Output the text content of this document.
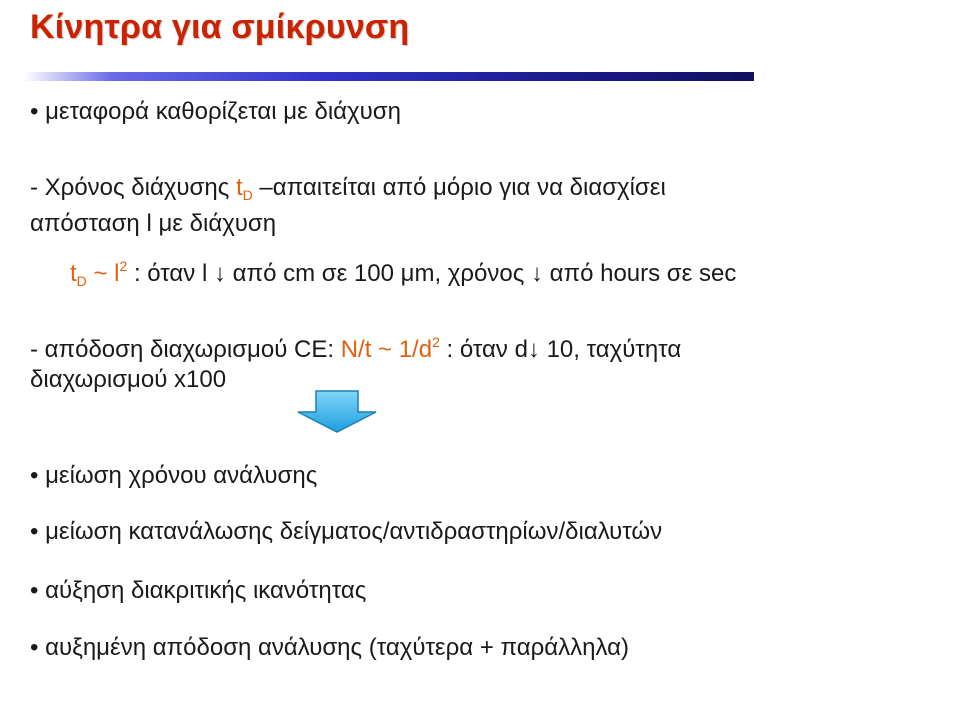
Κίνητρα για σμίκρυνση
• μεταφορά καθορίζεται με διάχυση
- Χρόνος διάχυσης $t_D$ –απαιτείται από μόριο για να διασχίσει
απόσταση l με διάχυση
$t_D$ ~ $l^2$ : όταν l ↓ από cm σε 100 μm, χρόνος ↓ από hours σε sec
- απόδοση διαχωρισμού CE: N/t ~ $1/d^2$ : όταν d↓ 10, ταχύτητα
διαχωρισμού x100
• μείωση χρόνου ανάλυσης
• μείωση κατανάλωσης δείγματος/αντιδραστηρίων/διαλυτών
• αύξηση διακριτικής ικανότητας
• αυξημένη απόδοση ανάλυσης (ταχύτερα + παράλληλα)
